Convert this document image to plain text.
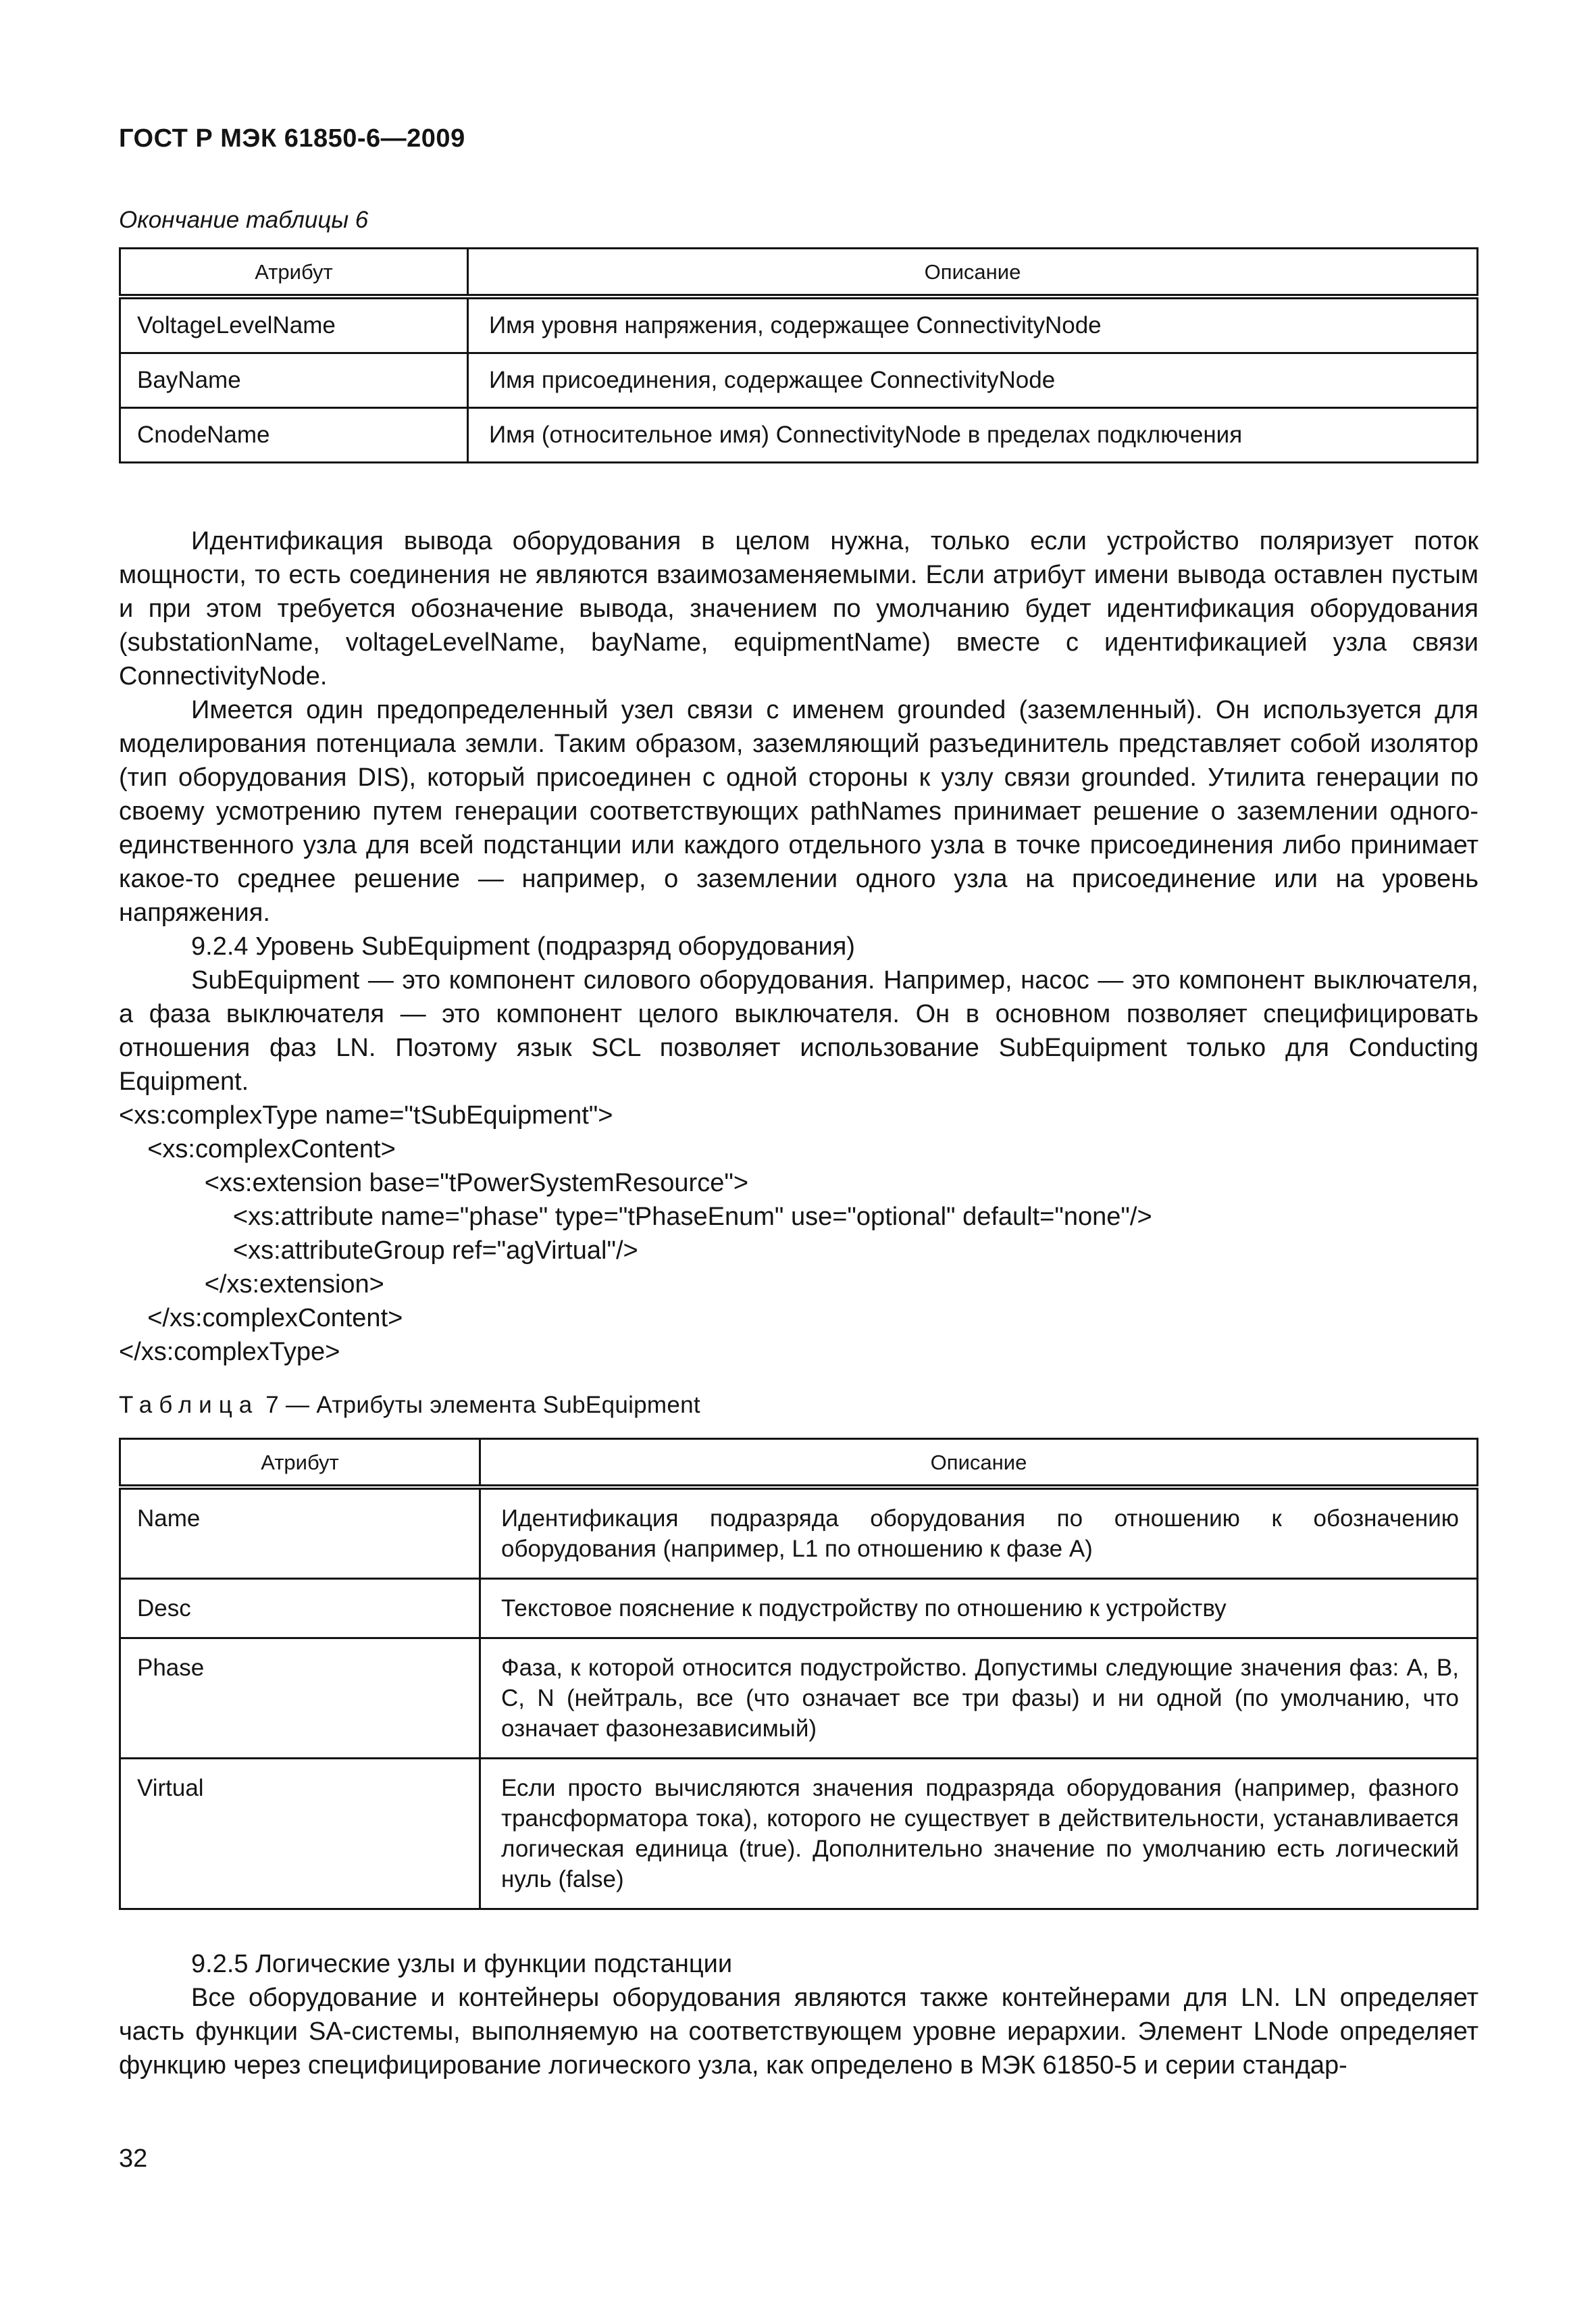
ГОСТ Р МЭК 61850-6—2009
Окончание таблицы 6
Атрибут	Описание
VoltageLevelName	Имя уровня напряжения, содержащее ConnectivityNode
BayName	Имя присоединения, содержащее ConnectivityNode
CnodeName	Имя (относительное имя) ConnectivityNode в пределах подключения

Идентификация вывода оборудования в целом нужна, только если устройство поляризует поток мощности, то есть соединения не являются взаимозаменяемыми. Если атрибут имени вывода оставлен пустым и при этом требуется обозначение вывода, значением по умолчанию будет идентификация оборудования (substationName, voltageLevelName, bayName, equipmentName) вместе с идентификацией узла связи ConnectivityNode.

Имеется один предопределенный узел связи с именем grounded (заземленный). Он используется для моделирования потенциала земли. Таким образом, заземляющий разъединитель представляет собой изолятор (тип оборудования DIS), который присоединен с одной стороны к узлу связи grounded. Утилита генерации по своему усмотрению путем генерации соответствующих pathNames принимает решение о заземлении одного-единственного узла для всей подстанции или каждого отдельного узла в точке присоединения либо принимает какое-то среднее решение — например, о заземлении одного узла на присоединение или на уровень напряжения.

9.2.4 Уровень SubEquipment (подразряд оборудования)

SubEquipment — это компонент силового оборудования. Например, насос — это компонент выключателя, а фаза выключателя — это компонент целого выключателя. Он в основном позволяет специфицировать отношения фаз LN. Поэтому язык SCL позволяет использование SubEquipment только для Conducting Equipment.

<xs:complexType name="tSubEquipment">
<xs:complexContent>
<xs:extension base="tPowerSystemResource">
<xs:attribute name="phase" type="tPhaseEnum" use="optional" default="none"/>
<xs:attributeGroup ref="agVirtual"/>
</xs:extension>
</xs:complexContent>
</xs:complexType>
Таблица 7 — Атрибуты элемента SubEquipment
Атрибут	Описание
Name	Идентификация подразряда оборудования по отношению к обозначению оборудования (например, L1 по отношению к фазе А)
Desc	Текстовое пояснение к подустройству по отношению к устройству
Phase	Фаза, к которой относится подустройство. Допустимы следующие значения фаз: A, B, C, N (нейтраль, все (что означает все три фазы) и ни одной (по умолчанию, что означает фазонезависимый)
Virtual	Если просто вычисляются значения подразряда оборудования (например, фазного трансформатора тока), которого не существует в действительности, устанавливается логическая единица (true). Дополнительно значение по умолчанию есть логический нуль (false)

9.2.5 Логические узлы и функции подстанции

Все оборудование и контейнеры оборудования являются также контейнерами для LN. LN определяет часть функции SA-системы, выполняемую на соответствующем уровне иерархии. Элемент LNode определяет функцию через специфицирование логического узла, как определено в МЭК 61850-5 и серии стандар-

32
